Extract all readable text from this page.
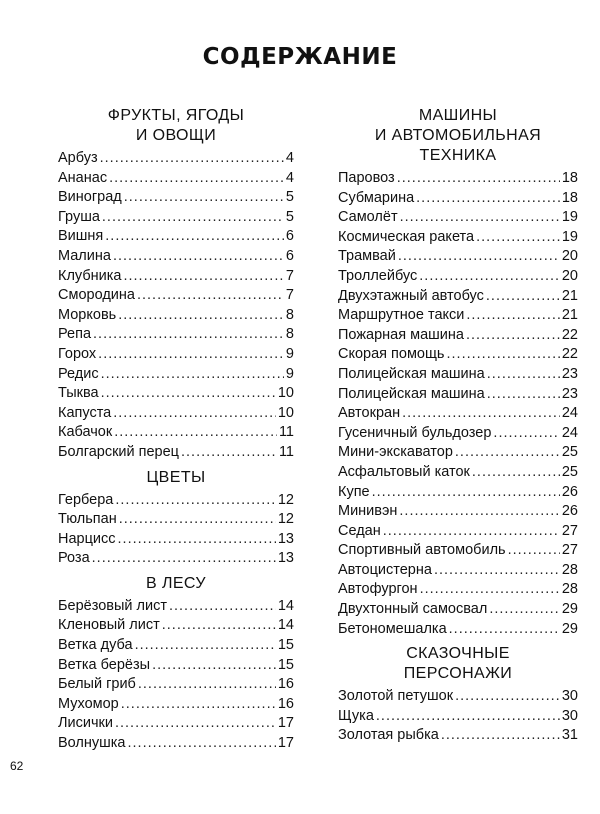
СОДЕРЖАНИЕ
ФРУКТЫ, ЯГОДЫ
И ОВОЩИ
Арбуз .....	4
Ананас .....	4
Виноград .....	5
Груша .....	5
Вишня .....	6
Малина .....	6
Клубника .....	7
Смородина .....	7
Морковь .....	8
Репа .....	8
Горох .....	9
Редис .....	9
Тыква .....	10
Капуста .....	10
Кабачок .....	11
Болгарский перец .....	11
ЦВЕТЫ
Гербера .....	12
Тюльпан .....	12
Нарцисс .....	13
Роза .....	13
В ЛЕСУ
Берёзовый лист .....	14
Кленовый лист .....	14
Ветка дуба .....	15
Ветка берёзы .....	15
Белый гриб .....	16
Мухомор .....	16
Лисички .....	17
Волнушка .....	17
МАШИНЫ
И АВТОМОБИЛЬНАЯ
ТЕХНИКА
Паровоз .....	18
Субмарина .....	18
Самолёт .....	19
Космическая ракета .....	19
Трамвай .....	20
Троллейбус .....	20
Двухэтажный автобус .....	21
Маршрутное такси .....	21
Пожарная машина .....	22
Скорая помощь .....	22
Полицейская машина .....	23
Полицейская машина .....	23
Автокран .....	24
Гусеничный бульдозер .....	24
Мини-экскаватор .....	25
Асфальтовый каток .....	25
Купе .....	26
Минивэн .....	26
Седан .....	27
Спортивный автомобиль .....	27
Автоцистерна .....	28
Автофургон .....	28
Двухтонный самосвал .....	29
Бетономешалка .....	29
СКАЗОЧНЫЕ
ПЕРСОНАЖИ
Золотой петушок .....	30
Щука .....	30
Золотая рыбка .....	31
62
